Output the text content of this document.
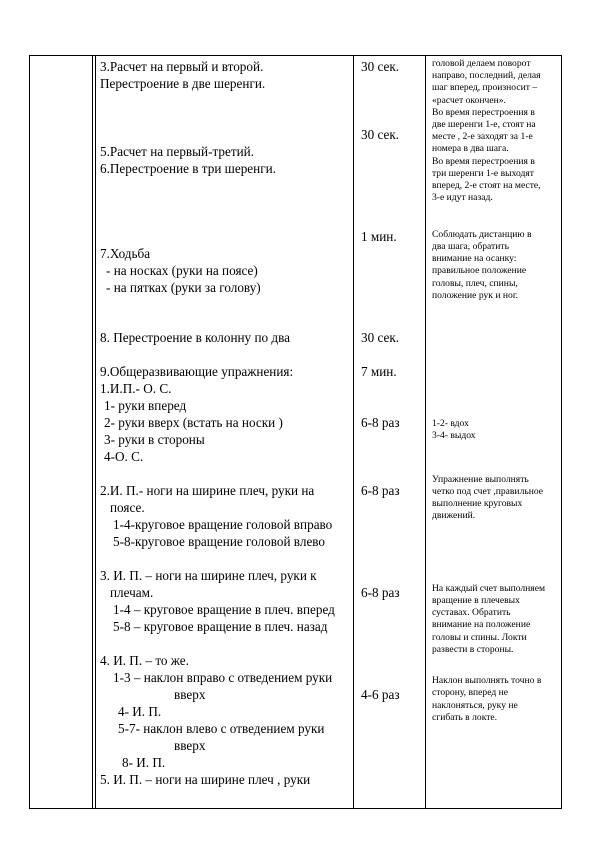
3.Расчет на первый и второй.
Перестроение в две шеренги.
5.Расчет на первый-третий.
6.Перестроение в три шеренги.
7.Ходьба
- на носках (руки на поясе)
- на пятках (руки за голову)
8. Перестроение в колонну по два
9.Общеразвивающие упражнения:
1.И.П.- О. С.
1- руки вперед
2- руки вверх (встать на носки )
3- руки в стороны
4-О. С.
2.И. П.- ноги на ширине плеч, руки на
поясе.
1-4-круговое вращение головой вправо
5-8-круговое вращение головой влево
3. И. П. – ноги на ширине плеч, руки к
плечам.
1-4 – круговое вращение в плеч. вперед
5-8 – круговое вращение в плеч. назад
4. И. П. – то же.
1-3 – наклон вправо с отведением руки
вверх
4- И. П.
5-7- наклон влево с отведением руки
вверх
8- И. П.
5. И. П. – ноги на ширине плеч , руки
30 сек.
30 сек.
1 мин.
30 сек.
7 мин.
6-8 раз
6-8 раз
6-8 раз
4-6 раз
головой делаем поворот
направо, последний, делая
шаг вперед, произносит –
«расчет окончен».
Во время перестроения в
две шеренги 1-е, стоят на
месте , 2-е заходят за 1-е
номера в два шага.
Во время перестроения в
три шеренги 1-е выходят
вперед, 2-е стоят на месте,
3-е идут назад.
Соблюдать дистанцию в
два шага, обратить
внимание на осанку:
правильное положение
головы, плеч, спины,
положение рук и ног.
1-2- вдох
3-4- выдох
Упражнение выполнять
четко под счет ,правильное
выполнение круговых
движений.
На каждый счет выполняем
вращение в плечевых
суставах. Обратить
внимание на положение
головы и спины. Локти
развести в стороны.
Наклон выполнять точно в
сторону, вперед не
наклоняться, руку не
сгибать в локте.
